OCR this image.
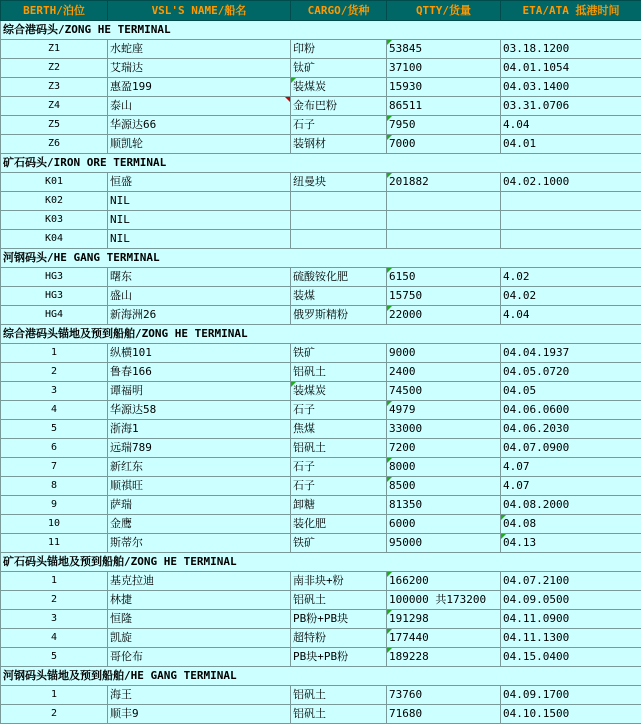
BERTH/泊位	VSL'S NAME/船名	CARGO/货种	QTTY/货量	ETA/ATA 抵港时间
综合港码头/ZONG HE TERMINAL				
Z1	水蛇座	印粉	53845	03.18.1200
Z2	艾瑞达	钛矿	37100	04.01.1054
Z3	惠盈199	装煤炭	15930	04.03.1400
Z4	泰山	金布巴粉	86511	03.31.0706
Z5	华源达66	石子	7950	4.04
Z6	顺凯轮	装钢材	7000	04.01
矿石码头/IRON ORE TERMINAL				
K01	恒盛	纽曼块	201882	04.02.1000
K02	NIL			
K03	NIL			
K04	NIL			
河钢码头/HE GANG TERMINAL				
HG3	曙东	硫酸铵化肥	6150	4.02
HG3	盛山	装煤	15750	04.02
HG4	新海洲26	俄罗斯精粉	22000	4.04
综合港码头锚地及预到船舶/ZONG HE TERMINAL				
1	纵横101	铁矿	9000	04.04.1937
2	鲁春166	铝矾土	2400	04.05.0720
3	谭福明	装煤炭	74500	04.05
4	华源达58	石子	4979	04.06.0600
5	浙海1	焦煤	33000	04.06.2030
6	远瑞789	铝矾土	7200	04.07.0900
7	新红东	石子	8000	4.07
8	顺祺旺	石子	8500	4.07
9	萨瑞	卸糖	81350	04.08.2000
10	金鹰	装化肥	6000	04.08
11	斯蒂尔	铁矿	95000	04.13
矿石码头锚地及预到船舶/ZONG HE TERMINAL				
1	基克拉迪	南非块+粉	166200	04.07.2100
2	林捷	铝矾土	100000 共173200	04.09.0500
3	恒隆	PB粉+PB块	191298	04.11.0900
4	凯旋	超特粉	177440	04.11.1300
5	哥伦布	PB块+PB粉	189228	04.15.0400
河钢码头锚地及预到船舶/HE GANG TERMINAL				
1	海王	铝矾土	73760	04.09.1700
2	顺丰9	铝矾土	71680	04.10.1500
